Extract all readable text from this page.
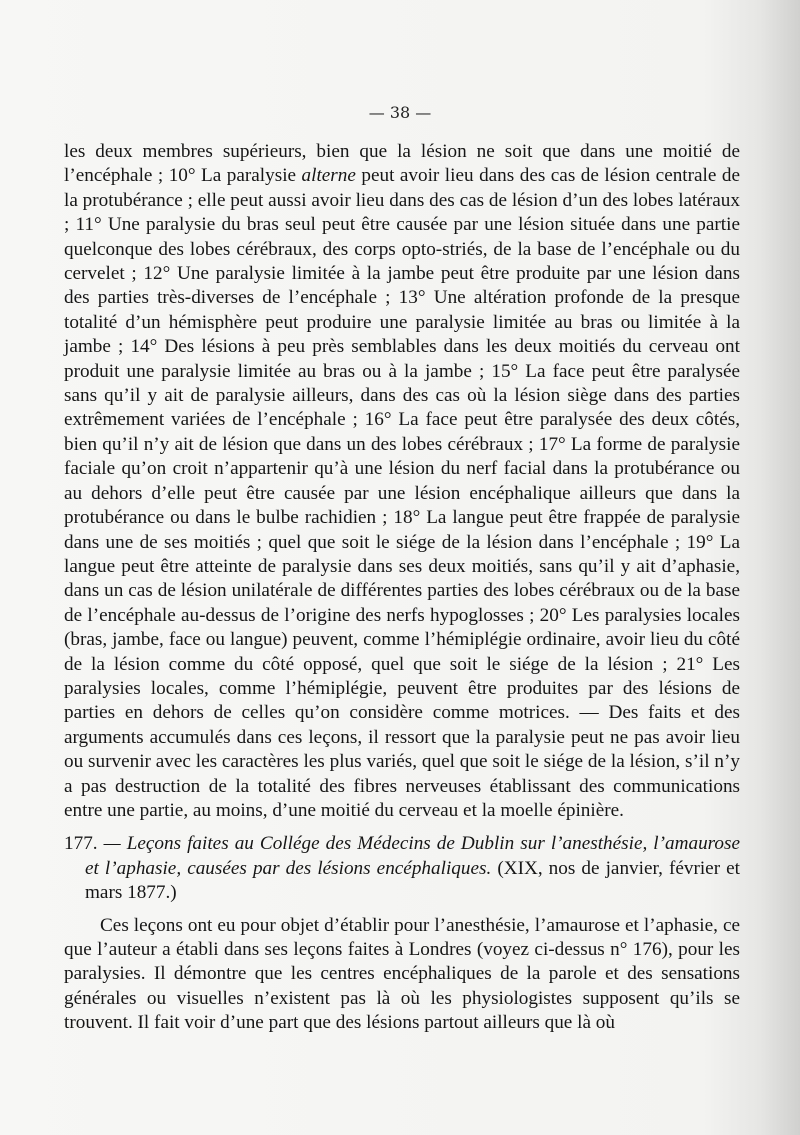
— 38 —

les deux membres supérieurs, bien que la lésion ne soit que dans une moitié de l’encéphale ; 10° La paralysie alterne peut avoir lieu dans des cas de lésion centrale de la protubérance ; elle peut aussi avoir lieu dans des cas de lésion d’un des lobes latéraux ; 11° Une paralysie du bras seul peut être causée par une lésion située dans une partie quelconque des lobes cérébraux, des corps opto-striés, de la base de l’encéphale ou du cervelet ; 12° Une paralysie limitée à la jambe peut être produite par une lésion dans des parties très-diverses de l’encéphale ; 13° Une altération profonde de la presque totalité d’un hémisphère peut produire une paralysie limitée au bras ou limitée à la jambe ; 14° Des lésions à peu près semblables dans les deux moitiés du cerveau ont produit une paralysie limitée au bras ou à la jambe ; 15° La face peut être paralysée sans qu’il y ait de paralysie ailleurs, dans des cas où la lésion siège dans des parties extrêmement variées de l’encéphale ; 16° La face peut être paralysée des deux côtés, bien qu’il n’y ait de lésion que dans un des lobes cérébraux ; 17° La forme de paralysie faciale qu’on croit n’appartenir qu’à une lésion du nerf facial dans la protubérance ou au dehors d’elle peut être causée par une lésion encéphalique ailleurs que dans la protubérance ou dans le bulbe rachidien ; 18° La langue peut être frappée de paralysie dans une de ses moitiés ; quel que soit le siége de la lésion dans l’encéphale ; 19° La langue peut être atteinte de paralysie dans ses deux moitiés, sans qu’il y ait d’aphasie, dans un cas de lésion unilatérale de différentes parties des lobes cérébraux ou de la base de l’encéphale au-dessus de l’origine des nerfs hypoglosses ; 20° Les paralysies locales (bras, jambe, face ou langue) peuvent, comme l’hémiplégie ordinaire, avoir lieu du côté de la lésion comme du côté opposé, quel que soit le siége de la lésion ; 21° Les paralysies locales, comme l’hémiplégie, peuvent être produites par des lésions de parties en dehors de celles qu’on considère comme motrices. — Des faits et des arguments accumulés dans ces leçons, il ressort que la paralysie peut ne pas avoir lieu ou survenir avec les caractères les plus variés, quel que soit le siége de la lésion, s’il n’y a pas destruction de la totalité des fibres nerveuses établissant des communications entre une partie, au moins, d’une moitié du cerveau et la moelle épinière.

177. — Leçons faites au Collége des Médecins de Dublin sur l’anesthésie, l’amaurose et l’aphasie, causées par des lésions encéphaliques. (XIX, nos de janvier, février et mars 1877.)

Ces leçons ont eu pour objet d’établir pour l’anesthésie, l’amaurose et l’aphasie, ce que l’auteur a établi dans ses leçons faites à Londres (voyez ci-dessus n° 176), pour les paralysies. Il démontre que les centres encéphaliques de la parole et des sensations générales ou visuelles n’existent pas là où les physiologistes supposent qu’ils se trouvent. Il fait voir d’une part que des lésions partout ailleurs que là où
